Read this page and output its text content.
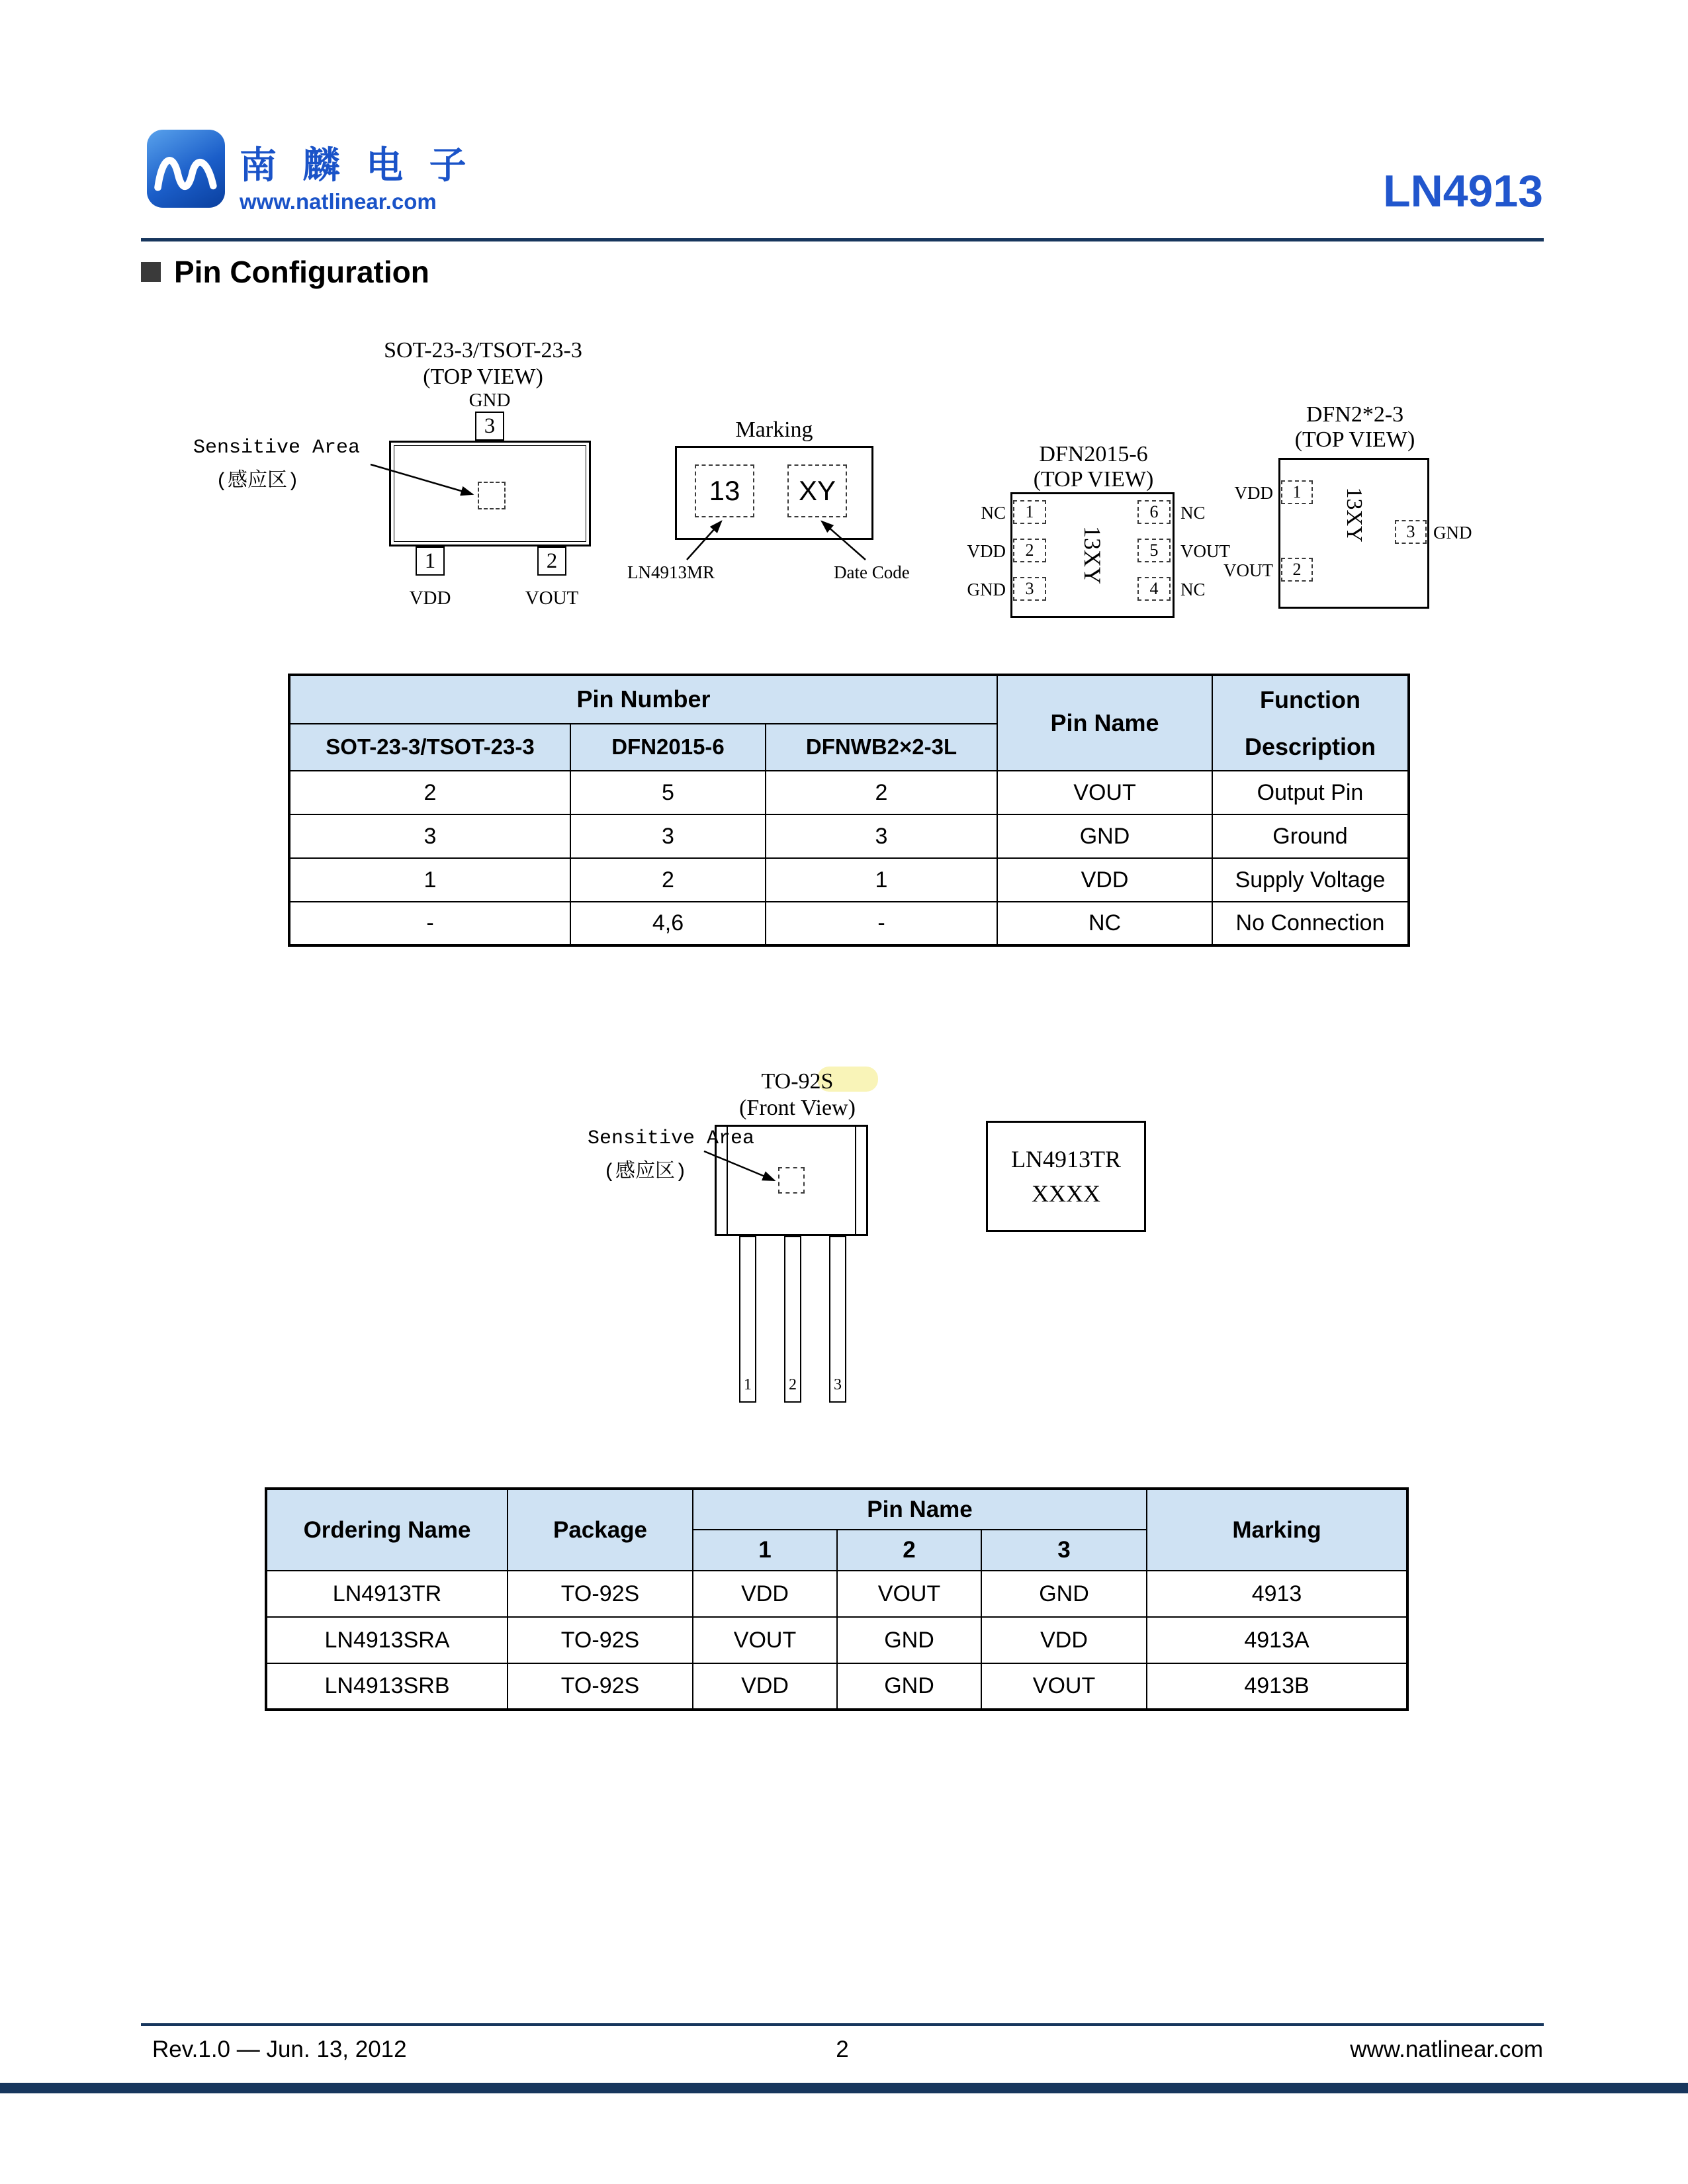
南 麟 电 子
www.natlinear.com	LN4913
Pin Configuration
SOT-23-3/TSOT-23-3
(TOP VIEW)
GND
3
1	2
VDD	VOUT
Sensitive Area
(感应区)
Marking
13	XY
LN4913MR	Date Code
DFN2015-6
(TOP VIEW)
1
2
3
6
5
4
NC
VDD
GND
NC
VOUT
NC
13XY
DFN2*2-3
(TOP VIEW)
1
2
3
VDD
VOUT
GND
13XY
Pin Number			Pin Name	Function
Description

SOT-23-3/TSOT-23-3	DFN2015-6	DFNWB2×2-3L		
2	5	2	VOUT	Output Pin
3	3	3	GND	Ground
1	2	1	VDD	Supply Voltage
-	4,6	-	NC	No Connection
TO-92S
(Front View)
1 2 3
Sensitive Area
(感应区)	LN4913TR
XXXX
Ordering Name	Package	Pin Name			Marking
		1	2	3	
LN4913TR	TO-92S	VDD	VOUT	GND	4913
LN4913SRA	TO-92S	VOUT	GND	VDD	4913A
LN4913SRB	TO-92S	VDD	GND	VOUT	4913B
Rev.1.0 — Jun. 13, 2012	2	www.natlinear.com
